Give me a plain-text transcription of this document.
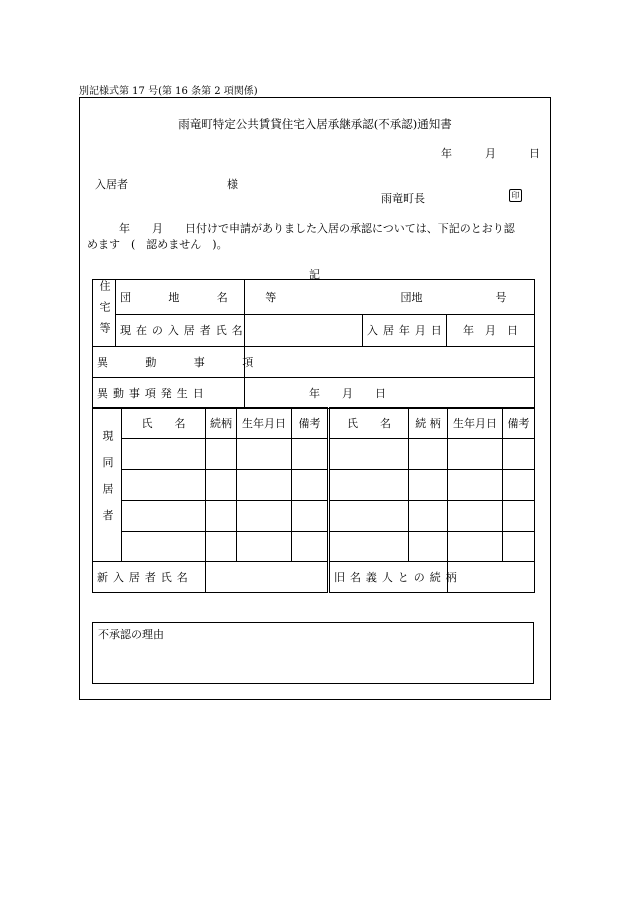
別記様式第 17 号(第 16 条第 2 項関係)
雨竜町特定公共賃貸住宅入居承継承認(不承認)通知書
年	月	日
入居者	様
雨竜町長	印
年　　月　　日付けで申請がありました入居の承認については、下記のとおり認
めます　(　認めません　)。
記
住宅等	団　地　名　等	団地 号		
	現在の入居者氏名		入居年月日	年　月　日
異　動　事　項				
異動事項発生日		年　　月　　日		
現同居者	氏　　名	続柄	生年月日	備考	氏　　名	続 柄	生年月日	備考

新入居者氏名					旧名義人との続柄			
不承認の理由
